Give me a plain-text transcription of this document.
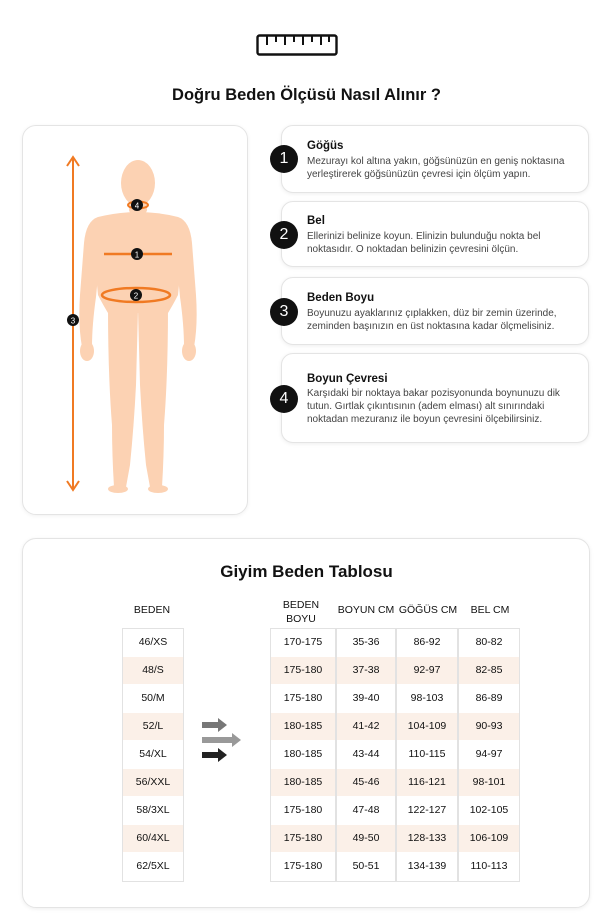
Doğru Beden Ölçüsü Nasıl Alınır ?
4
1
2
3
1
Göğüs
Mezurayı kol altına yakın, göğsünüzün en geniş noktasına
yerleştirerek göğsünüzün çevresi için ölçüm yapın.
2
Bel
Ellerinizi belinize koyun. Elinizin bulunduğu nokta bel
noktasıdır. O noktadan belinizin çevresini ölçün.
3
Beden Boyu
Boyunuzu ayaklarınız çıplakken, düz bir zemin üzerinde,
zeminden başınızın en üst noktasına kadar ölçmelisiniz.
4
Boyun Çevresi
Karşıdaki bir noktaya bakar pozisyonunda boynunuzu dik
tutun. Gırtlak çıkıntısının (adem elması) alt sınırındaki
noktadan mezuranız ile boyun çevresini ölçebilirsiniz.
Giyim Beden Tablosu
BEDEN
46/XS
48/S
50/M
52/L
54/XL
56/XXL
58/3XL
60/4XL
62/5XL
BEDEN BOYU
BOYUN CM GÖĞÜS CM	BEL CM
170-175
175-180
175-180
180-185
180-185
180-185
175-180
175-180
175-180
35-36
37-38
39-40
41-42
43-44
45-46
47-48
49-50
50-51
86-92
92-97
98-103
104-109
110-115
116-121
122-127
128-133
134-139
80-82
82-85
86-89
90-93
94-97
98-101
102-105
106-109
110-113
